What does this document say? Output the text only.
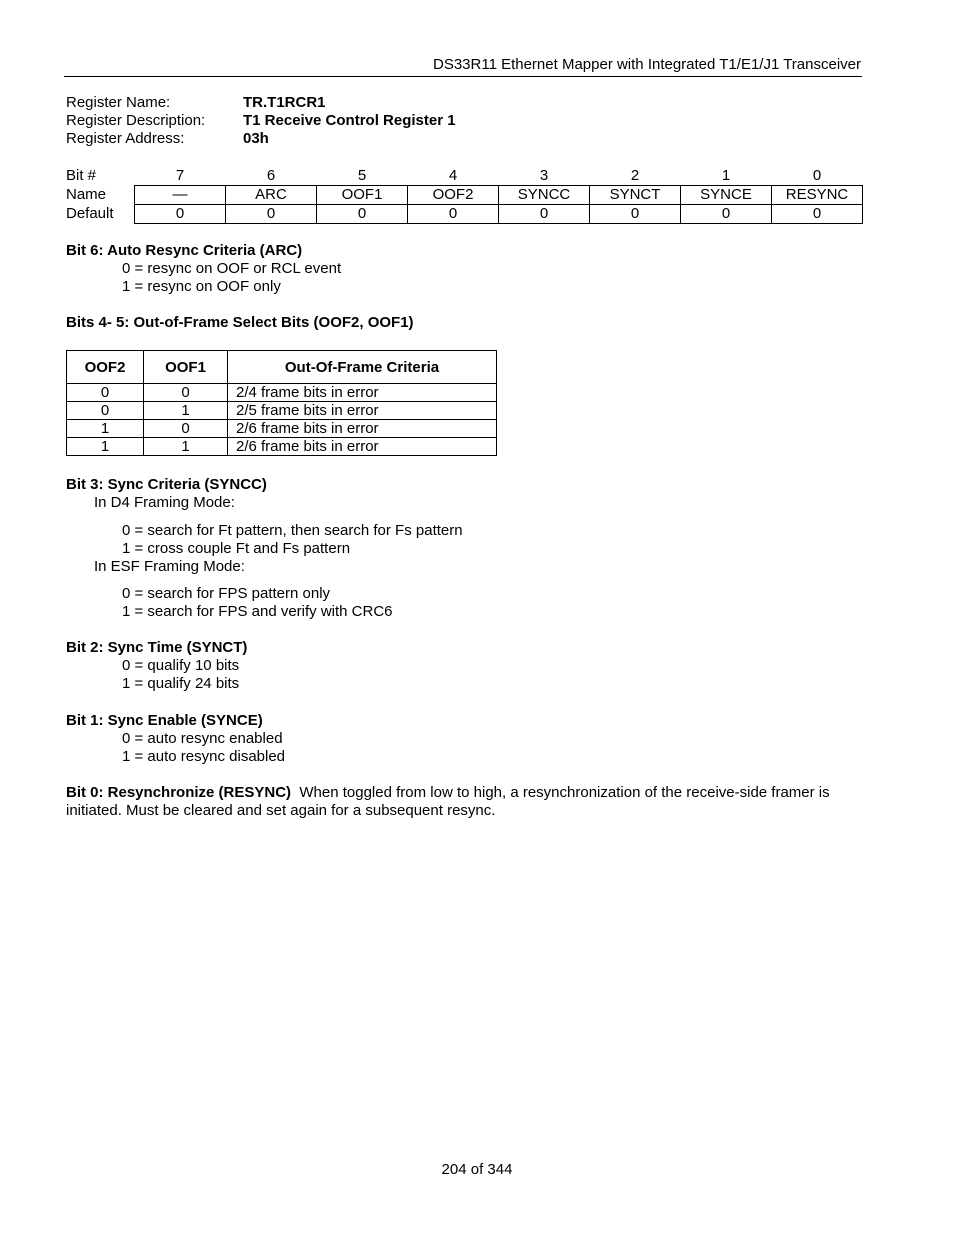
DS33R11 Ethernet Mapper with Integrated T1/E1/J1 Transceiver
Register Name:	TR.T1RCR1
Register Description:	T1 Receive Control Register 1
Register Address:	03h
Bit #	7	6	5	4	3	2	1	0
Name	—	ARC	OOF1	OOF2	SYNCC	SYNCT	SYNCE	RESYNC
Default	0	0	0	0	0	0	0	0
Bit 6: Auto Resync Criteria (ARC)
0 = resync on OOF or RCL event
1 = resync on OOF only
Bits 4- 5: Out-of-Frame Select Bits (OOF2, OOF1)
OOF2	OOF1	Out-Of-Frame Criteria
0	0	2/4 frame bits in error
0	1	2/5 frame bits in error
1	0	2/6 frame bits in error
1	1	2/6 frame bits in error
Bit 3: Sync Criteria (SYNCC)
In D4 Framing Mode:
0 = search for Ft pattern, then search for Fs pattern
1 = cross couple Ft and Fs pattern
In ESF Framing Mode:
0 = search for FPS pattern only
1 = search for FPS and verify with CRC6
Bit 2: Sync Time (SYNCT)
0 = qualify 10 bits
1 = qualify 24 bits
Bit 1: Sync Enable (SYNCE)
0 = auto resync enabled
1 = auto resync disabled
Bit 0: Resynchronize (RESYNC) When toggled from low to high, a resynchronization of the receive-side framer is initiated. Must be cleared and set again for a subsequent resync.
204 of 344
